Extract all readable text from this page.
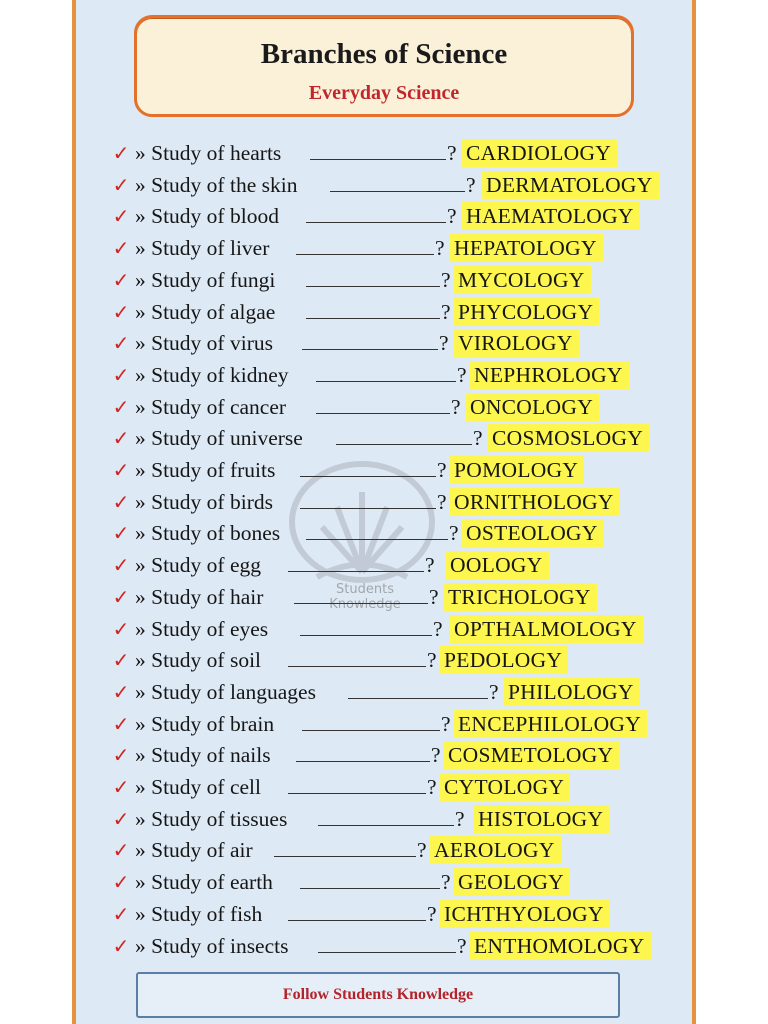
Branches of Science
Everyday Science
Students Knowledge
✓ » Study of hearts	? CARDIOLOGY
✓ » Study of the skin	? DERMATOLOGY
✓ » Study of blood	? HAEMATOLOGY
✓ » Study of liver	? HEPATOLOGY
✓ » Study of fungi	? MYCOLOGY
✓ » Study of algae	? PHYCOLOGY
✓ » Study of virus	? VIROLOGY
✓ » Study of kidney	? NEPHROLOGY
✓ » Study of cancer	? ONCOLOGY
✓ » Study of universe	? COSMOSLOGY
✓ » Study of fruits	? POMOLOGY
✓ » Study of birds	? ORNITHOLOGY
✓ » Study of bones	? OSTEOLOGY
✓ » Study of egg	? OOLOGY
✓ » Study of hair	? TRICHOLOGY
✓ » Study of eyes	? OPTHALMOLOGY
✓ » Study of soil	? PEDOLOGY
✓ » Study of languages	? PHILOLOGY
✓ » Study of brain	? ENCEPHILOLOGY
✓ » Study of nails	? COSMETOLOGY
✓ » Study of cell	? CYTOLOGY
✓ » Study of tissues	? HISTOLOGY
✓ » Study of air	? AEROLOGY
✓ » Study of earth	? GEOLOGY
✓ » Study of fish	? ICHTHYOLOGY
✓ » Study of insects	? ENTHOMOLOGY
Follow Students Knowledge
